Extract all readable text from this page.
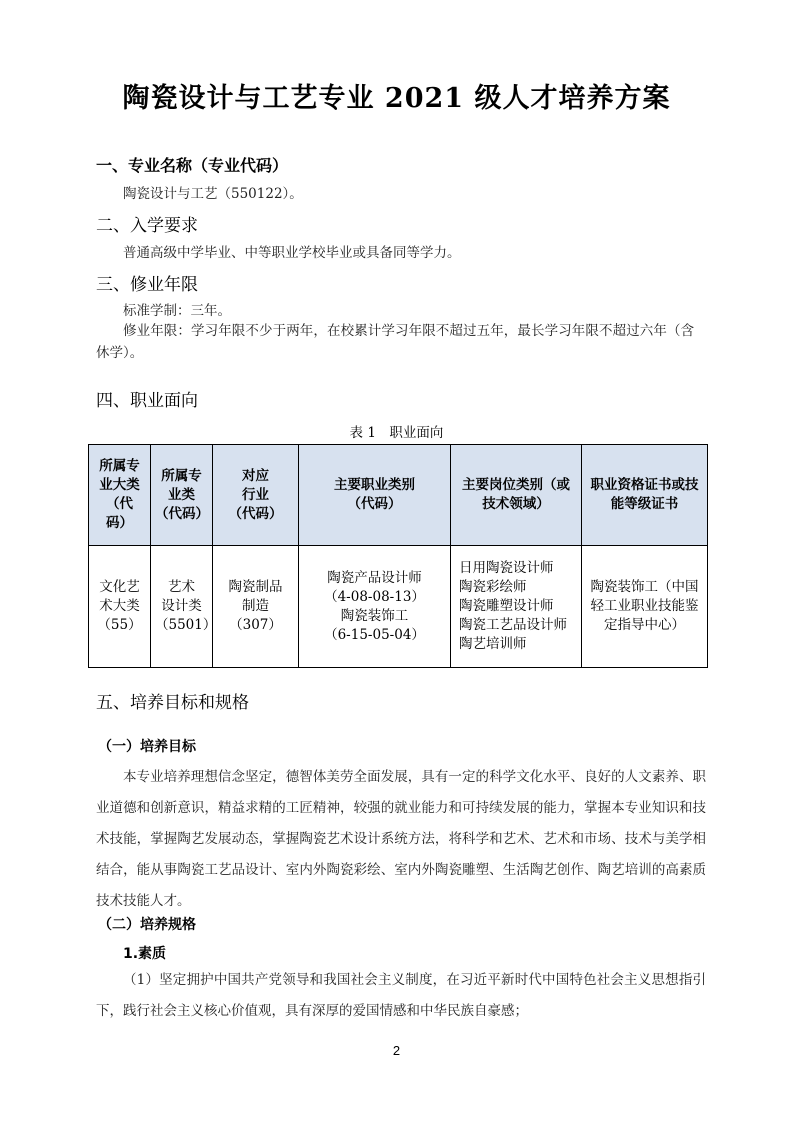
陶瓷设计与工艺专业 2021 级人才培养方案
一、专业名称（专业代码）
陶瓷设计与工艺（550122）。
二、入学要求
普通高级中学毕业、中等职业学校毕业或具备同等学力。
三、修业年限
标准学制：三年。
修业年限：学习年限不少于两年，在校累计学习年限不超过五年，最长学习年限不超过六年（含
休学）。
四、职业面向
表 1　职业面向
所属专
业大类
（代
码）	所属专
业类
（代码）	对应
行业
（代码）	主要职业类别
（代码）	主要岗位类别（或
技术领域）	职业资格证书或技
能等级证书

文化艺
术大类
（55）	艺术
设计类
（5501）	陶瓷制品
制造
（307）	陶瓷产品设计师
（4-08-08-13）
陶瓷装饰工
（6-15-05-04）	日用陶瓷设计师
陶瓷彩绘师
陶瓷雕塑设计师
陶瓷工艺品设计师
陶艺培训师	陶瓷装饰工（中国
轻工业职业技能鉴
定指导中心）
五、培养目标和规格
（一）培养目标
本专业培养理想信念坚定，德智体美劳全面发展，具有一定的科学文化水平、良好的人文素养、职业道德和创新意识，精益求精的工匠精神，较强的就业能力和可持续发展的能力，掌握本专业知识和技术技能，掌握陶艺发展动态，掌握陶瓷艺术设计系统方法，将科学和艺术、艺术和市场、技术与美学相结合，能从事陶瓷工艺品设计、室内外陶瓷彩绘、室内外陶瓷雕塑、生活陶艺创作、陶艺培训的高素质技术技能人才。
（二）培养规格
1.素质
（1）坚定拥护中国共产党领导和我国社会主义制度，在习近平新时代中国特色社会主义思想指引下，践行社会主义核心价值观，具有深厚的爱国情感和中华民族自豪感；
2
